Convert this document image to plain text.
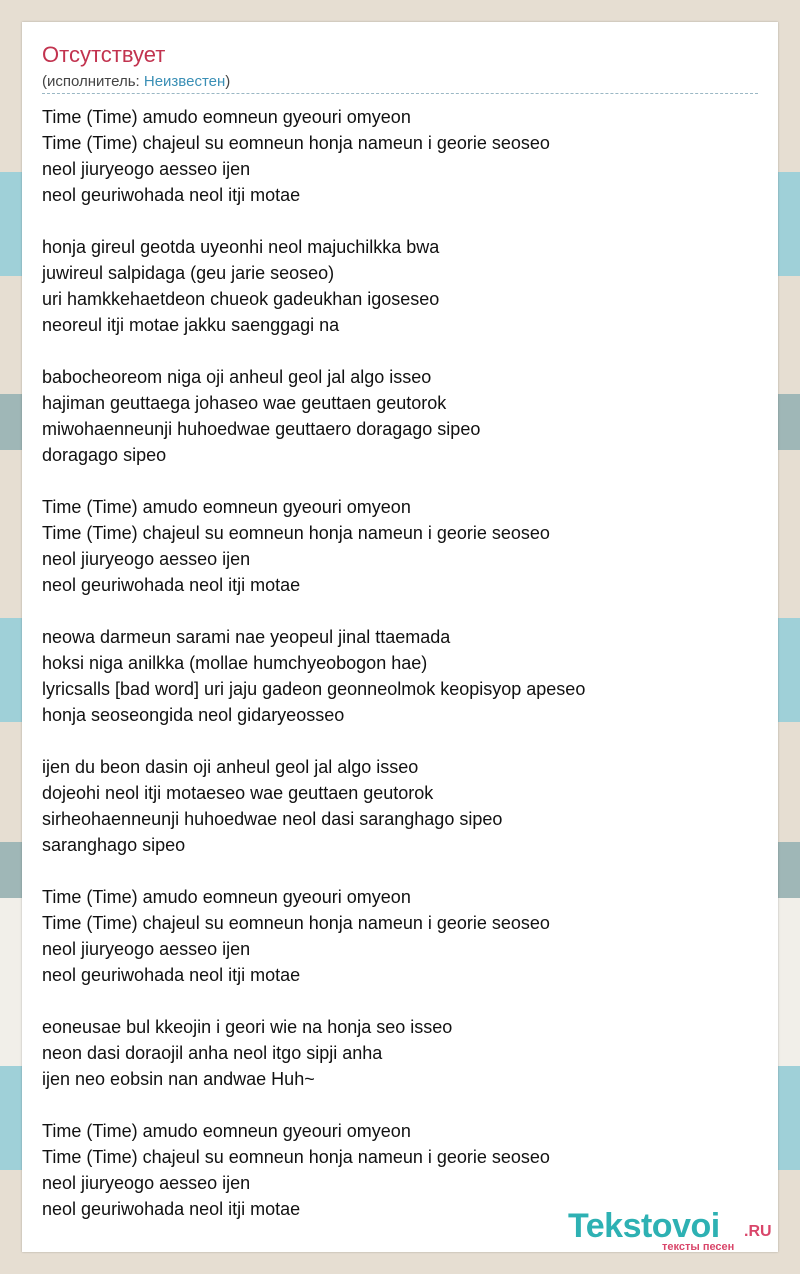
Отсутствует
(исполнитель: Неизвестен)
Time (Time) amudo eomneun gyeouri omyeon
Time (Time) chajeul su eomneun honja nameun i georie seoseo
neol jiuryeogo aesseo ijen
neol geuriwohada neol itji motae
honja gireul geotda uyeonhi neol majuchilkka bwa
juwireul salpidaga (geu jarie seoseo)
uri hamkkehaetdeon chueok gadeukhan igoseseo
neoreul itji motae jakku saenggagi na
babocheoreom niga oji anheul geol jal algo isseo
hajiman geuttaega johaseo wae geuttaen geutorok
miwohaenneunji huhoedwae geuttaero doragago sipeo
doragago sipeo
Time (Time) amudo eomneun gyeouri omyeon
Time (Time) chajeul su eomneun honja nameun i georie seoseo
neol jiuryeogo aesseo ijen
neol geuriwohada neol itji motae
neowa darmeun sarami nae yeopeul jinal ttaemada
hoksi niga anilkka (mollae humchyeobogon hae)
lyricsalls [bad word] uri jaju gadeon geonneolmok keopisyop apeseo
honja seoseongida neol gidaryeosseo
ijen du beon dasin oji anheul geol jal algo isseo
dojeohi neol itji motaeseo wae geuttaen geutorok
sirheohaenneunji huhoedwae neol dasi saranghago sipeo
saranghago sipeo
Time (Time) amudo eomneun gyeouri omyeon
Time (Time) chajeul su eomneun honja nameun i georie seoseo
neol jiuryeogo aesseo ijen
neol geuriwohada neol itji motae
eoneusae bul kkeojin i geori wie na honja seo isseo
neon dasi doraojil anha neol itgo sipji anha
ijen neo eobsin nan andwae Huh~
Time (Time) amudo eomneun gyeouri omyeon
Time (Time) chajeul su eomneun honja nameun i georie seoseo
neol jiuryeogo aesseo ijen
neol geuriwohada neol itji motae	Tekstovoi .RU
тексты песен
